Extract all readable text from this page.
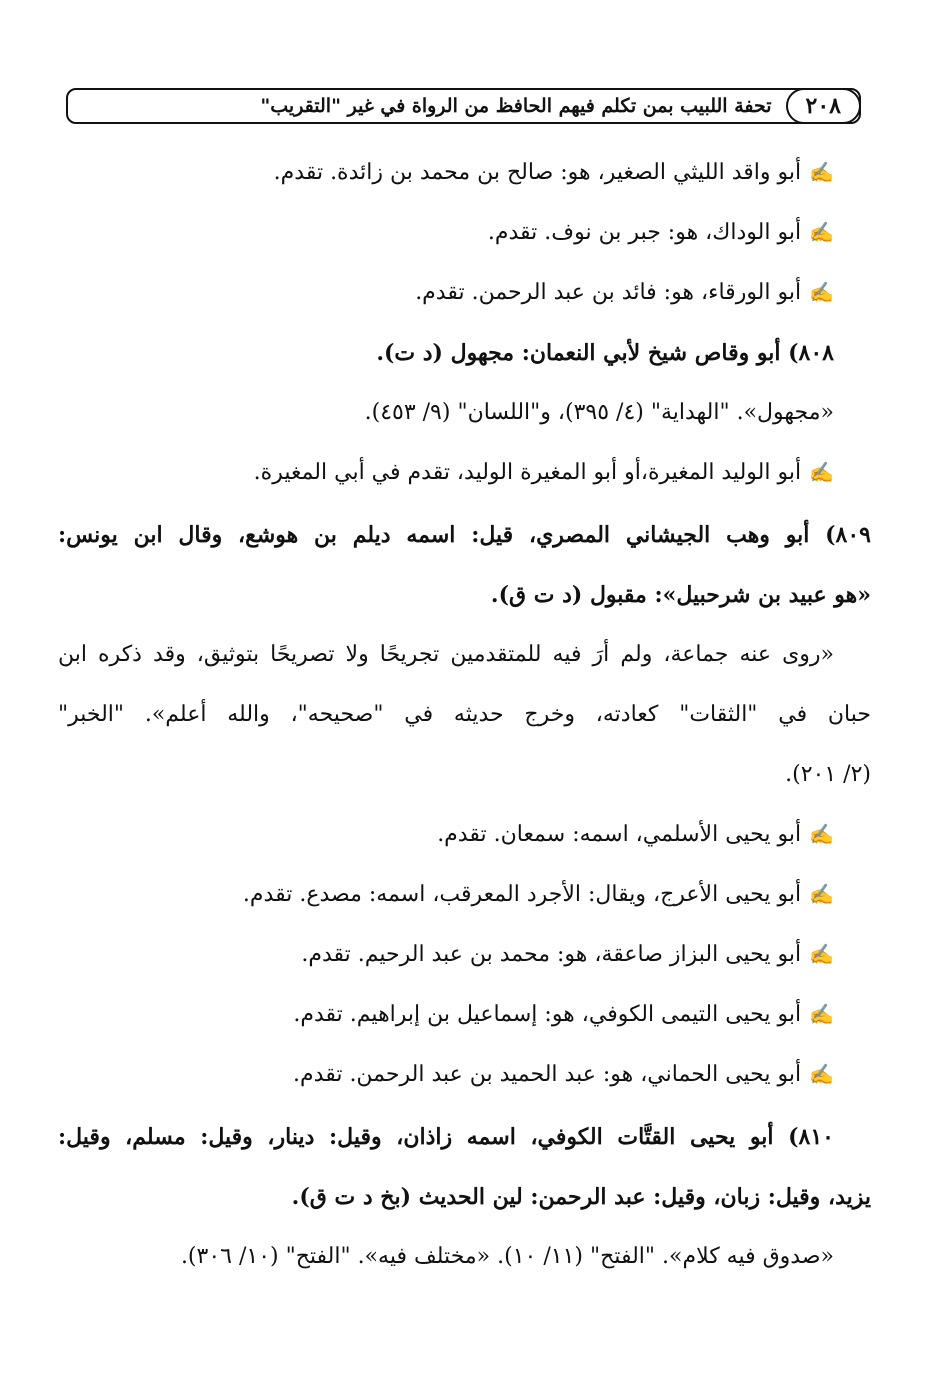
٢٠٨
تحفة اللبيب بمن تكلم فيهم الحافظ من الرواة في غير "التقريب"
✍أبو واقد الليثي الصغير، هو: صالح بن محمد بن زائدة. تقدم.
✍أبو الوداك، هو: جبر بن نوف. تقدم.
✍أبو الورقاء، هو: فائد بن عبد الرحمن. تقدم.
٨٠٨) أبو وقاص شيخ لأبي النعمان: مجهول (د ت).
«مجهول». "الهداية" (٤/ ٣٩٥)، و"اللسان" (٩/ ٤٥٣).
✍أبو الوليد المغيرة،أو أبو المغيرة الوليد، تقدم في أبي المغيرة.
٨٠٩) أبو وهب الجيشاني المصري، قيل: اسمه ديلم بن هوشع، وقال ابن يونس:
«هو عبيد بن شرحبيل»: مقبول (د ت ق).
«روى عنه جماعة، ولم أرَ فيه للمتقدمين تجريحًا ولا تصريحًا بتوثيق، وقد ذكره ابن
حبان في "الثقات" كعادته، وخرج حديثه في "صحيحه"، والله أعلم». "الخبر"
(٢/ ٢٠١).
✍أبو يحيى الأسلمي، اسمه: سمعان. تقدم.
✍أبو يحيى الأعرج، ويقال: الأجرد المعرقب، اسمه: مصدع. تقدم.
✍أبو يحيى البزاز صاعقة، هو: محمد بن عبد الرحيم. تقدم.
✍أبو يحيى التيمى الكوفي، هو: إسماعيل بن إبراهيم. تقدم.
✍أبو يحيى الحماني، هو: عبد الحميد بن عبد الرحمن. تقدم.
٨١٠) أبو يحيى القتَّات الكوفي، اسمه زاذان، وقيل: دينار، وقيل: مسلم، وقيل:
يزيد، وقيل: زبان، وقيل: عبد الرحمن: لين الحديث (بخ د ت ق).
«صدوق فيه كلام». "الفتح" (١١/ ١٠). «مختلف فيه». "الفتح" (١٠/ ٣٠٦).
